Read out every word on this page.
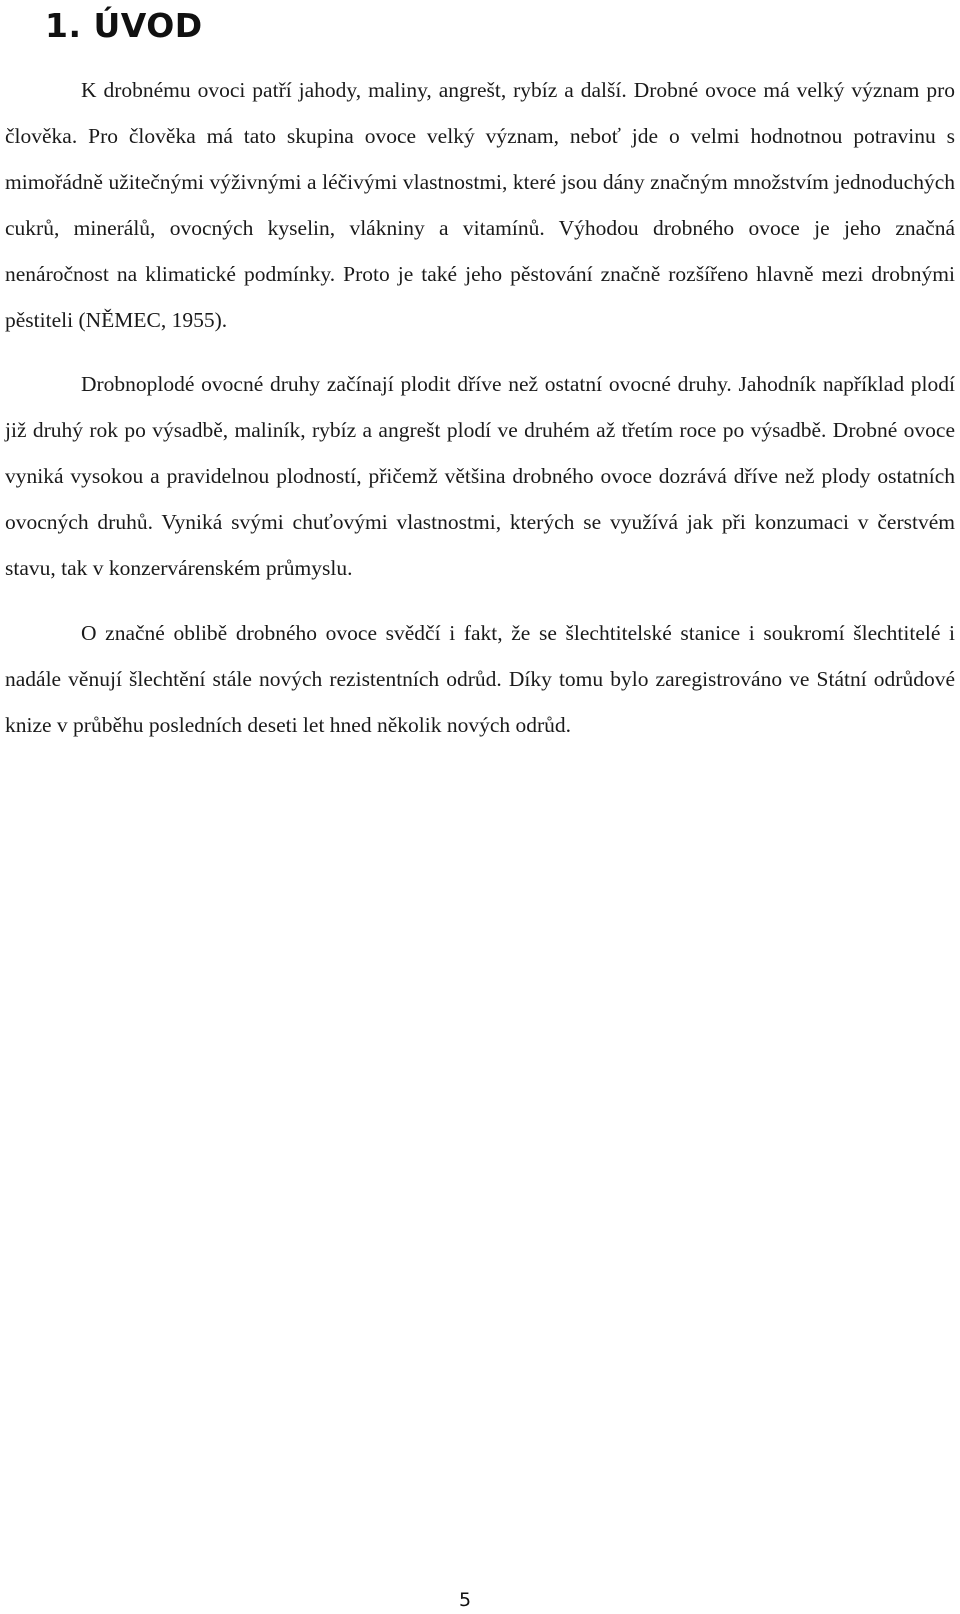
1. ÚVOD

K drobnému ovoci patří jahody, maliny, angrešt, rybíz a další. Drobné ovoce má velký význam pro člověka. Pro člověka má tato skupina ovoce velký význam, neboť jde o velmi hodnotnou potravinu s mimořádně užitečnými výživnými a léčivými vlastnostmi, které jsou dány značným množstvím jednoduchých cukrů, minerálů, ovocných kyselin, vlákniny a vitamínů. Výhodou drobného ovoce je jeho značná nenáročnost na klimatické podmínky. Proto je také jeho pěstování značně rozšířeno hlavně mezi drobnými pěstiteli (NĚMEC, 1955).

Drobnoplodé ovocné druhy začínají plodit dříve než ostatní ovocné druhy. Jahodník například plodí již druhý rok po výsadbě, maliník, rybíz a angrešt plodí ve druhém až třetím roce po výsadbě. Drobné ovoce vyniká vysokou a pravidelnou plodností, přičemž většina drobného ovoce dozrává dříve než plody ostatních ovocných druhů. Vyniká svými chuťovými vlastnostmi, kterých se využívá jak při konzumaci v čerstvém stavu, tak v konzervárenském průmyslu.

O značné oblibě drobného ovoce svědčí i fakt, že se šlechtitelské stanice i soukromí šlechtitelé i nadále věnují šlechtění stále nových rezistentních odrůd. Díky tomu bylo zaregistrováno ve Státní odrůdové knize v průběhu posledních deseti let hned několik nových odrůd.

5
